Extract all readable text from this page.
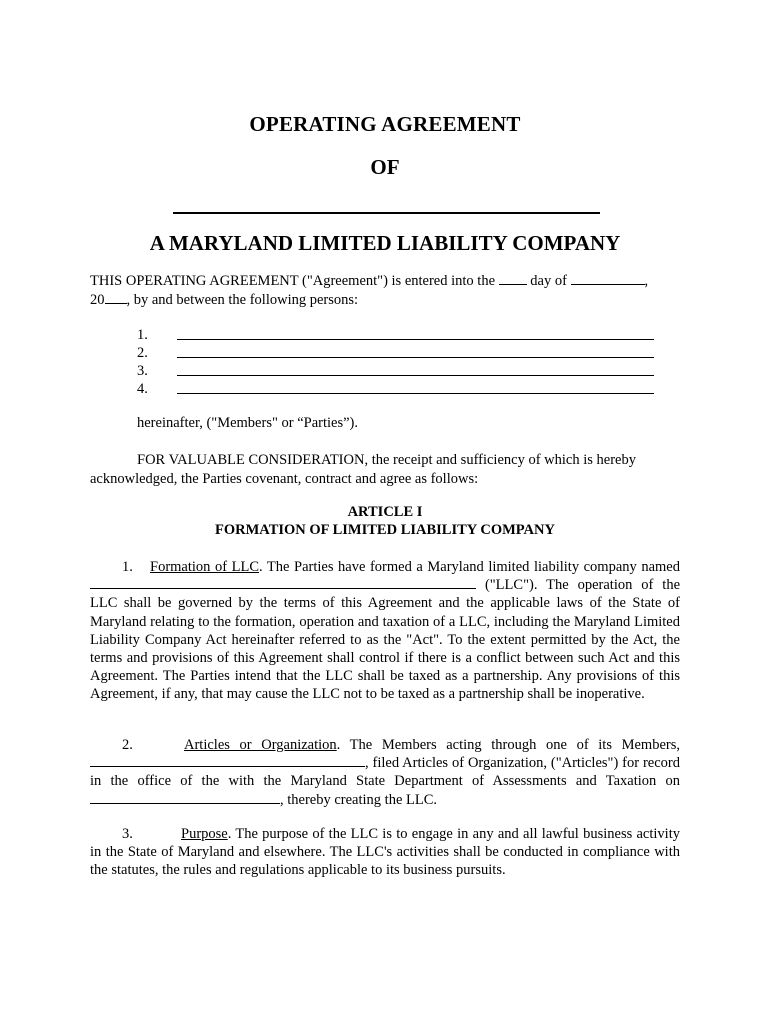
OPERATING AGREEMENT
OF
A MARYLAND LIMITED LIABILITY COMPANY
THIS OPERATING AGREEMENT ("Agreement") is entered into the day of	,
20 , by and between the following persons:
1.
2.
3.
4.
hereinafter, ("Members" or “Parties”).
FOR VALUABLE CONSIDERATION, the receipt and sufficiency of which is hereby acknowledged, the Parties covenant, contract and agree as follows:
ARTICLE I
FORMATION OF LIMITED LIABILITY COMPANY
1. Formation of LLC. The Parties have formed a Maryland limited liability company named  ("LLC"). The operation of the LLC shall be governed by the terms of this Agreement and the applicable laws of the State of Maryland relating to the formation, operation and taxation of a LLC, including the Maryland Limited Liability Company Act hereinafter referred to as the "Act". To the extent permitted by the Act, the terms and provisions of this Agreement shall control if there is a conflict between such Act and this Agreement. The Parties intend that the LLC shall be taxed as a partnership. Any provisions of this Agreement, if any, that may cause the LLC not to be taxed as a partnership shall be inoperative.
2.	Articles or Organization. The Members acting through one of its Members, , filed Articles of Organization, ("Articles") for record in the office of the with the Maryland State Department of Assessments and Taxation on , thereby creating the LLC.
3.	Purpose. The purpose of the LLC is to engage in any and all lawful business activity in the State of Maryland and elsewhere. The LLC's activities shall be conducted in compliance with the statutes, the rules and regulations applicable to its business pursuits.
